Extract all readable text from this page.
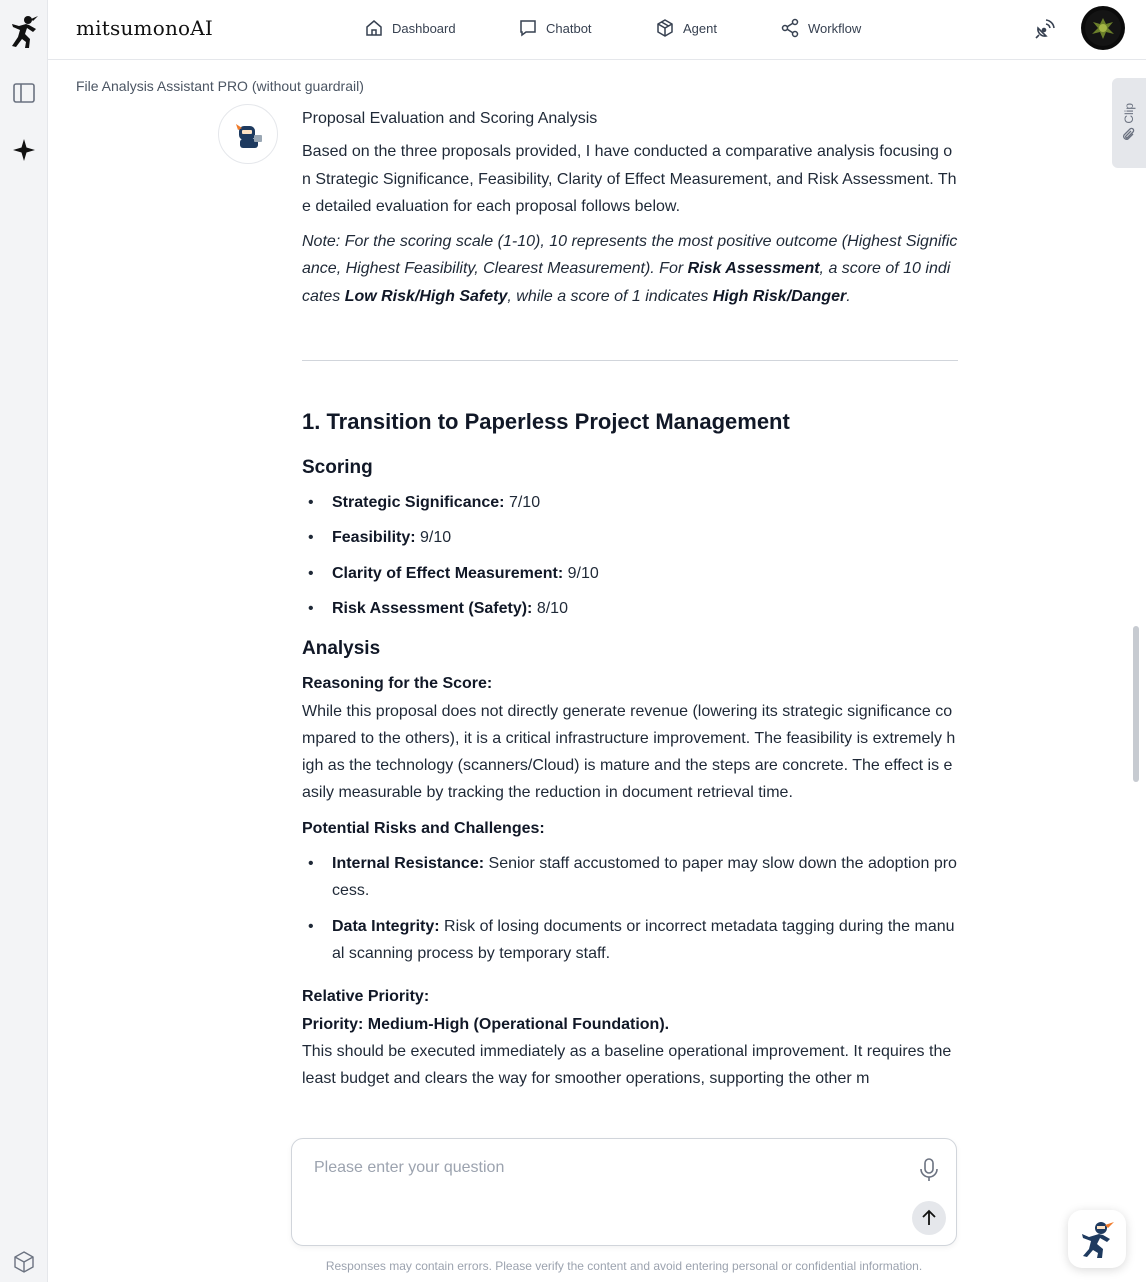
mitsumonoAI	Dashboard	Chatbot	Agent	Workflow
File Analysis Assistant PRO (without guardrail)
Clip

Proposal Evaluation and Scoring Analysis

Based on the three proposals provided, I have conducted a comparative analysis focusing on Strategic Significance, Feasibility, Clarity of Effect Measurement, and Risk Assessment. The detailed evaluation for each proposal follows below.

Note: For the scoring scale (1-10), 10 represents the most positive outcome (Highest Significance, Highest Feasibility, Clearest Measurement). For Risk Assessment, a score of 10 indicates Low Risk/High Safety, while a score of 1 indicates High Risk/Danger.

1. Transition to Paperless Project Management
Scoring
• Strategic Significance: 7/10
• Feasibility: 9/10
• Clarity of Effect Measurement: 9/10
• Risk Assessment (Safety): 8/10
Analysis
Reasoning for the Score:

While this proposal does not directly generate revenue (lowering its strategic significance compared to the others), it is a critical infrastructure improvement. The feasibility is extremely high as the technology (scanners/Cloud) is mature and the steps are concrete. The effect is easily measurable by tracking the reduction in document retrieval time.

Potential Risks and Challenges:
• Internal Resistance: Senior staff accustomed to paper may slow down the adoption process.
• Data Integrity: Risk of losing documents or incorrect metadata tagging during the manual scanning process by temporary staff.
Relative Priority:
Priority: Medium-High (Operational Foundation).

This should be executed immediately as a baseline operational improvement. It requires the least budget and clears the way for smoother operations, supporting the other m

Please enter your question
Responses may contain errors. Please verify the content and avoid entering personal or confidential information.
